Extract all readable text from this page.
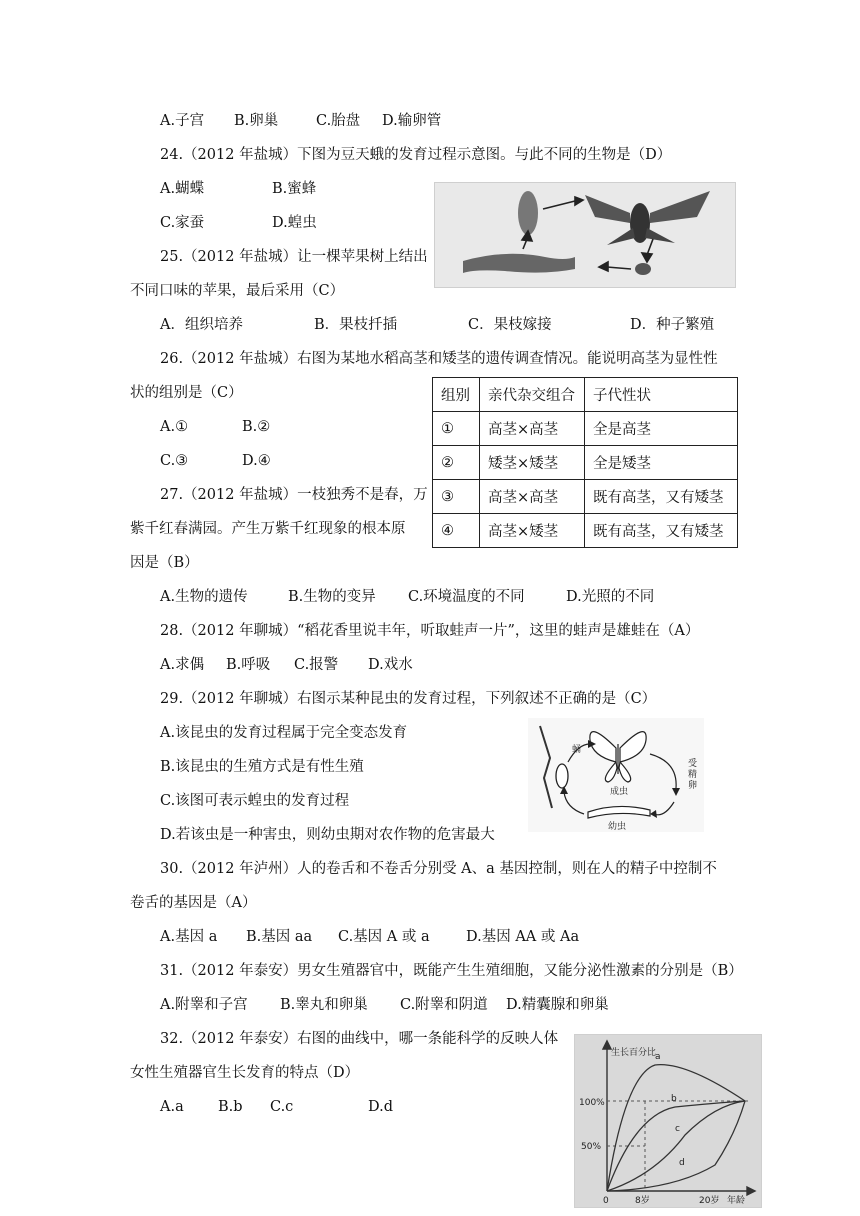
A.子宫 B.卵巢	C.胎盘 D.输卵管
24.（2012 年盐城）下图为豆天蛾的发育过程示意图。与此不同的生物是（D）
A.蝴蝶	B.蜜蜂
C.家蚕	D.蝗虫
25.（2012 年盐城）让一棵苹果树上结出
不同口味的苹果，最后采用（C）
A．组织培养	B．果枝扦插	C．果枝嫁接	D．种子繁殖
26.（2012 年盐城）右图为某地水稻高茎和矮茎的遗传调查情况。能说明高茎为显性性
状的组别是（C）
A.①	B.②
C.③	D.④
组别	亲代杂交组合	子代性状
①	高茎×高茎	全是高茎
②	矮茎×矮茎	全是矮茎
③	高茎×高茎	既有高茎，又有矮茎
④	高茎×矮茎	既有高茎，又有矮茎
27.（2012 年盐城）一枝独秀不是春，万
紫千红春满园。产生万紫千红现象的根本原
因是（B）
A.生物的遗传	B.生物的变异 C.环境温度的不同	D.光照的不同
28.（2012 年聊城）“稻花香里说丰年，听取蛙声一片”，这里的蛙声是雄蛙在（A）
A.求偶 B.呼吸 C.报警 D.戏水
29.（2012 年聊城）右图示某种昆虫的发育过程，下列叙述不正确的是（C）
A.该昆虫的发育过程属于完全变态发育
B.该昆虫的生殖方式是有性生殖
C.该图可表示蝗虫的发育过程
D.若该虫是一种害虫，则幼虫期对农作物的危害最大
蛹
成虫
受精卵
幼虫
30.（2012 年泸州）人的卷舌和不卷舌分别受 A、a 基因控制，则在人的精子中控制不
卷舌的基因是（A）
A.基因 a B.基因 aa C.基因 A 或 a	D.基因 AA 或 Aa
31.（2012 年泰安）男女生殖器官中，既能产生生殖细胞，又能分泌性激素的分别是（B）
A.附睾和子宫 B.睾丸和卵巢 C.附睾和阴道 D.精囊腺和卵巢
32.（2012 年泰安）右图的曲线中，哪一条能科学的反映人体
女性生殖器官生长发育的特点（D）
A.a B.b C.c	D.d
生长百分比
年龄
100%
50%
0	8岁	20岁
a
b
c
d
